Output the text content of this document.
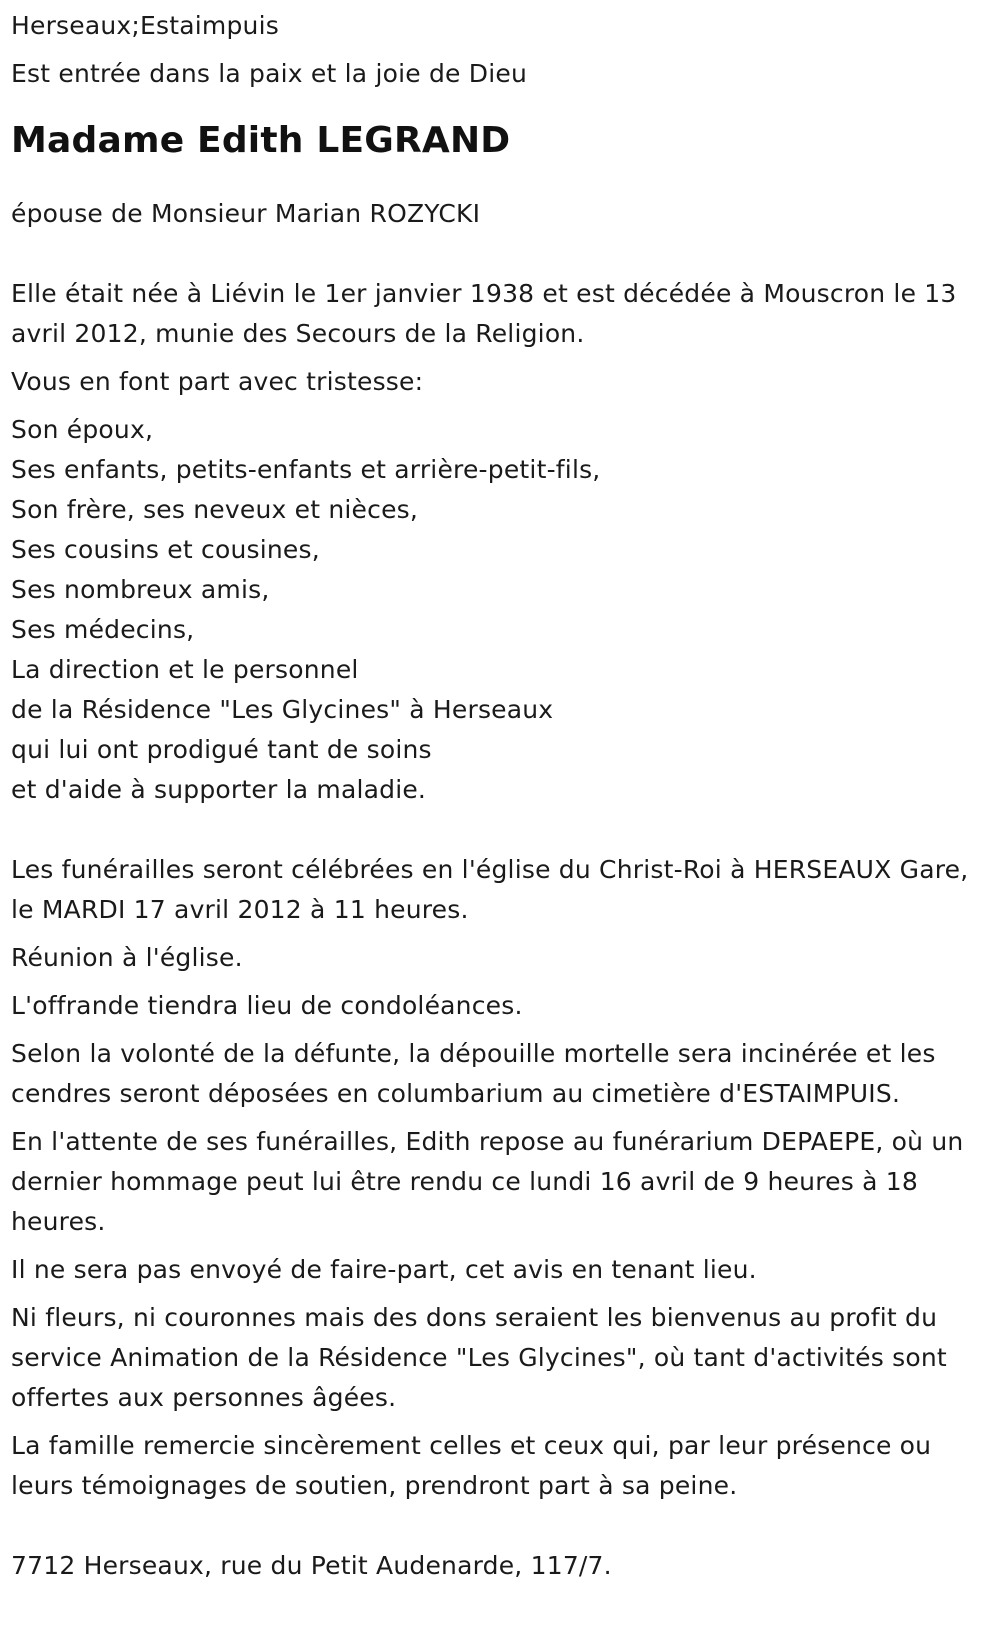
Herseaux;Estaimpuis

Est entrée dans la paix et la joie de Dieu

Madame Edith LEGRAND

épouse de Monsieur Marian ROZYCKI

Elle était née à Liévin le 1er janvier 1938 et est décédée à Mouscron le 13 avril 2012, munie des Secours de la Religion.

Vous en font part avec tristesse:

Son époux,
Ses enfants, petits-enfants et arrière-petit-fils,
Son frère, ses neveux et nièces,
Ses cousins et cousines,
Ses nombreux amis,
Ses médecins,
La direction et le personnel
de la Résidence "Les Glycines" à Herseaux
qui lui ont prodigué tant de soins
et d'aide à supporter la maladie.

Les funérailles seront célébrées en l'église du Christ-Roi à HERSEAUX Gare, le MARDI 17 avril 2012 à 11 heures.

Réunion à l'église.

L'offrande tiendra lieu de condoléances.

Selon la volonté de la défunte, la dépouille mortelle sera incinérée et les cendres seront déposées en columbarium au cimetière d'ESTAIMPUIS.

En l'attente de ses funérailles, Edith repose au funérarium DEPAEPE, où un dernier hommage peut lui être rendu ce lundi 16 avril de 9 heures à 18 heures.

Il ne sera pas envoyé de faire-part, cet avis en tenant lieu.

Ni fleurs, ni couronnes mais des dons seraient les bienvenus au profit du service Animation de la Résidence "Les Glycines", où tant d'activités sont offertes aux personnes âgées.

La famille remercie sincèrement celles et ceux qui, par leur présence ou leurs témoignages de soutien, prendront part à sa peine.

7712 Herseaux, rue du Petit Audenarde, 117/7.
